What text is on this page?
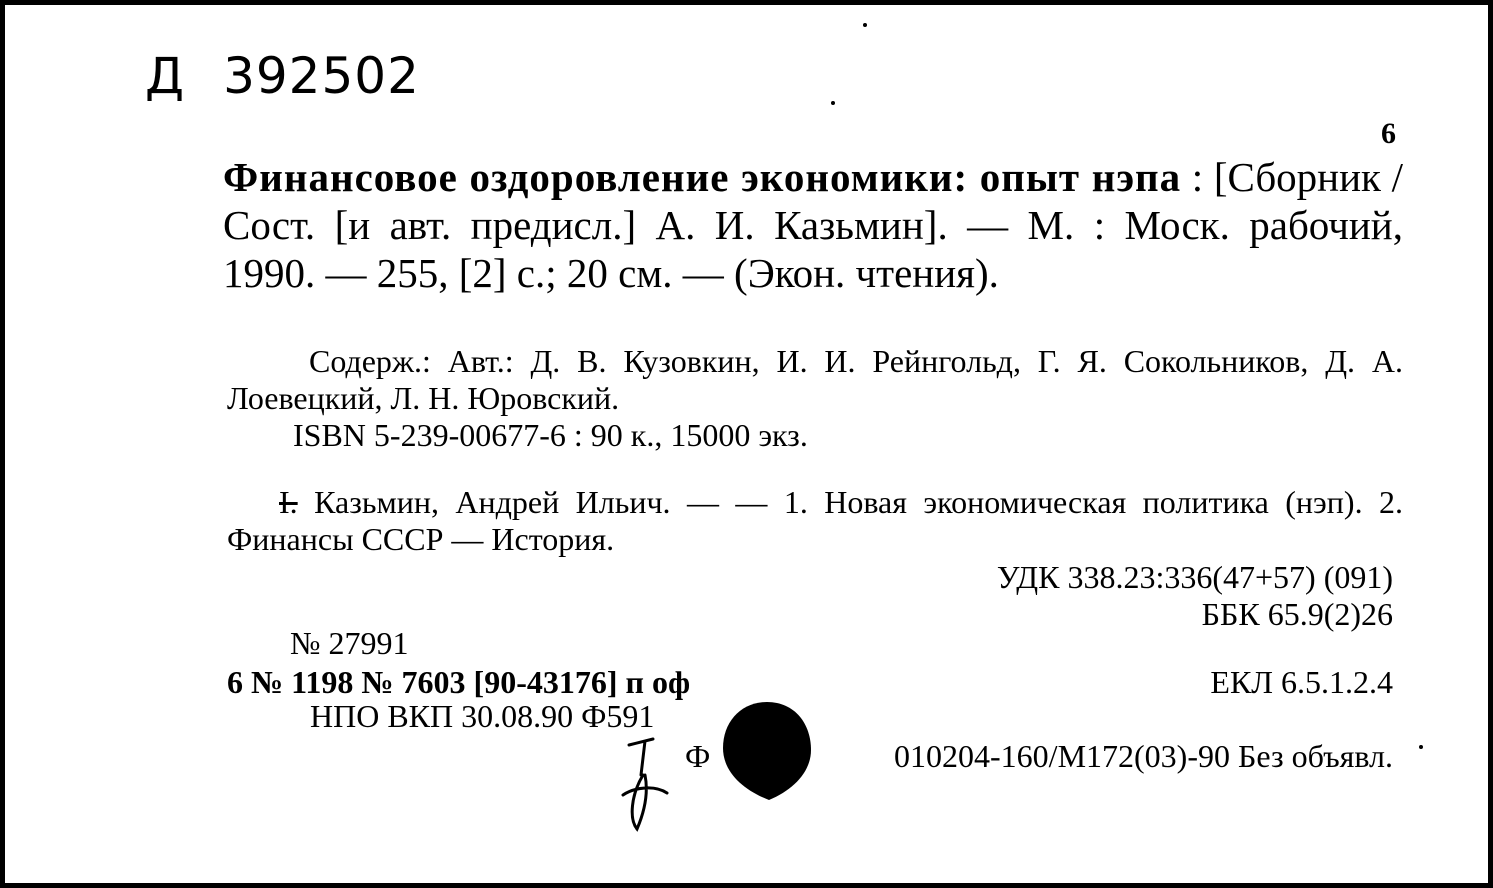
Д 392502
6
Финансовое оздоровление экономики: опыт нэпа : [Сборник / Сост. [и авт. предисл.] А. И. Казьмин]. — М. : Моск. рабочий, 1990. — 255, [2] с.; 20 см. — (Экон. чтения).
Содерж.: Авт.: Д. В. Кузовкин, И. И. Рейнгольд, Г. Я. Сокольников, Д. А. Лоевецкий, Л. Н. Юровский.
ISBN 5-239-00677-6 : 90 к., 15000 экз.
I. Казьмин, Андрей Ильич. — — 1. Новая экономическая политика (нэп). 2. Финансы СССР — История.
УДК 338.23:336(47+57) (091)
ББК 65.9(2)26
№ 27991
6 № 1198 № 7603 [90-43176] п оф	ЕКЛ 6.5.1.2.4
НПО ВКП 30.08.90 Ф591
Ф	010204-160/М172(03)-90 Без объявл.
7
